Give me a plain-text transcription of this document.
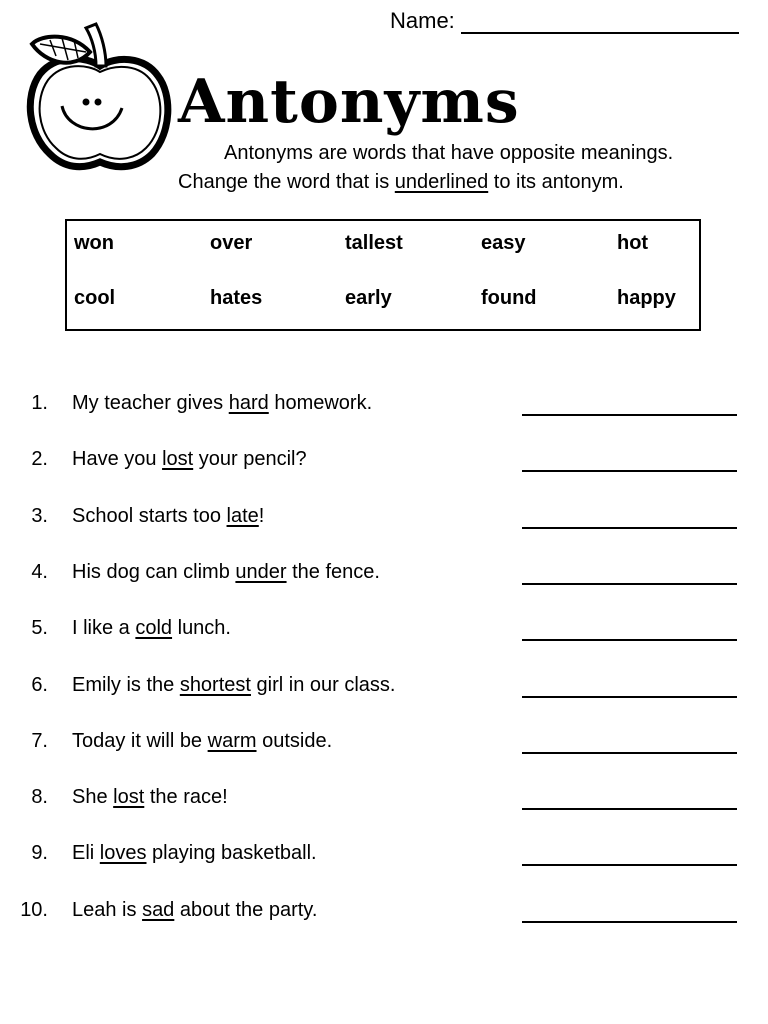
Name:
Antonyms
Antonyms are words that have opposite meanings.
Change the word that is underlined to its antonym.
won	over	tallest	easy	hot
cool	hates	early	found	happy
1. My teacher gives hard homework.
2. Have you lost your pencil?
3. School starts too late!
4. His dog can climb under the fence.
5. I like a cold lunch.
6. Emily is the shortest girl in our class.
7. Today it will be warm outside.
8. She lost the race!
9. Eli loves playing basketball.
10. Leah is sad about the party.
